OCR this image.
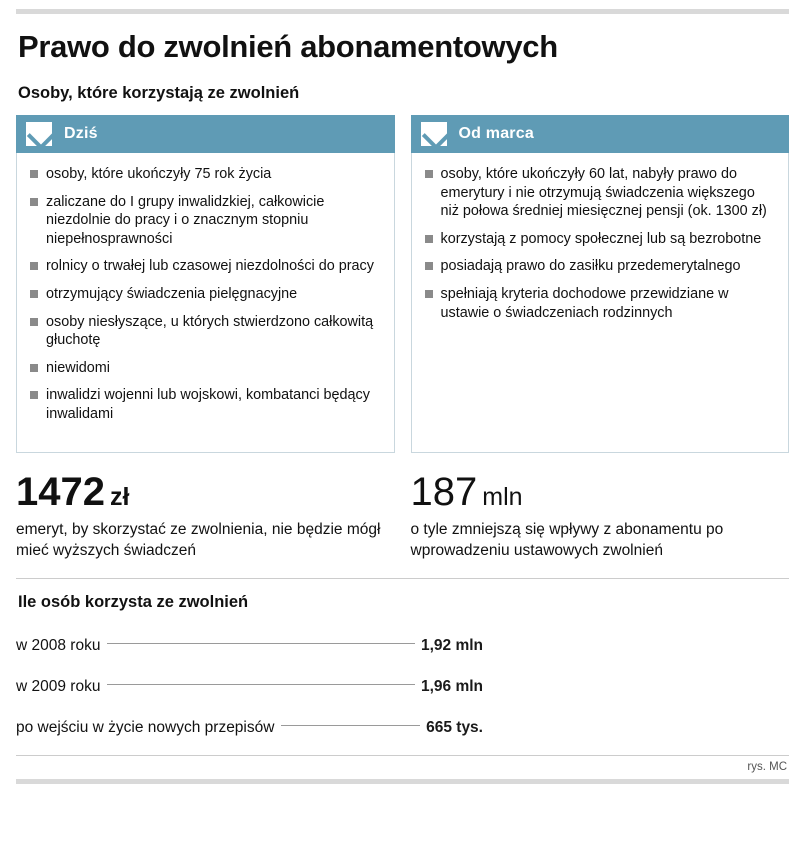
Prawo do zwolnień abonamentowych
Osoby, które korzystają ze zwolnień
Dziś
osoby, które ukończyły 75 rok życia
zaliczane do I grupy inwalidzkiej, całkowicie niezdolnie do pracy i o znacznym stopniu niepełnosprawności
rolnicy o trwałej lub czasowej niezdolności do pracy
otrzymujący świadczenia pielęgnacyjne
osoby niesłyszące, u których stwierdzono całkowitą głuchotę
niewidomi
inwalidzi wojenni lub wojskowi, kombatanci będący inwalidami
Od marca
osoby, które ukończyły 60 lat, nabyły prawo do emerytury i nie otrzymują świadczenia większego niż połowa średniej miesięcznej pensji (ok. 1300 zł)
korzystają z pomocy społecznej lub są bezrobotne
posiadają prawo do zasiłku przedemerytalnego
spełniają kryteria dochodowe przewidziane w ustawie o świadczeniach rodzinnych
1472 zł
emeryt, by skorzystać ze zwolnienia, nie będzie mógł mieć wyższych świadczeń
187 mln
o tyle zmniejszą się wpływy z abonamentu po wprowadzeniu ustawowych zwolnień
Ile osób korzysta ze zwolnień
w 2008 roku	1,92 mln
w 2009 roku	1,96 mln
po wejściu w życie nowych przepisów	665 tys.
rys. MC
